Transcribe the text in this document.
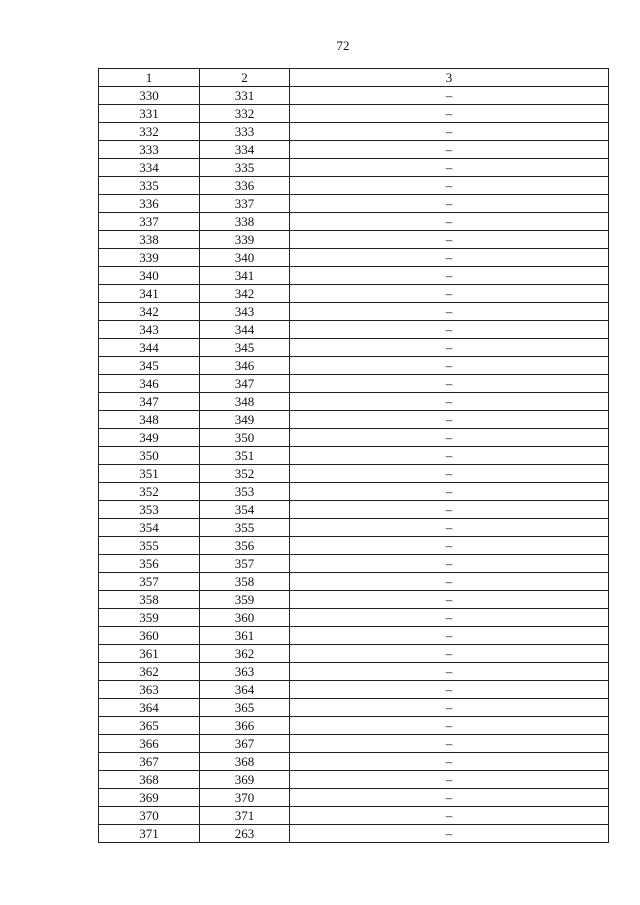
72
1	2	3
330	331	–
331	332	–
332	333	–
333	334	–
334	335	–
335	336	–
336	337	–
337	338	–
338	339	–
339	340	–
340	341	–
341	342	–
342	343	–
343	344	–
344	345	–
345	346	–
346	347	–
347	348	–
348	349	–
349	350	–
350	351	–
351	352	–
352	353	–
353	354	–
354	355	–
355	356	–
356	357	–
357	358	–
358	359	–
359	360	–
360	361	–
361	362	–
362	363	–
363	364	–
364	365	–
365	366	–
366	367	–
367	368	–
368	369	–
369	370	–
370	371	–
371	263	–
